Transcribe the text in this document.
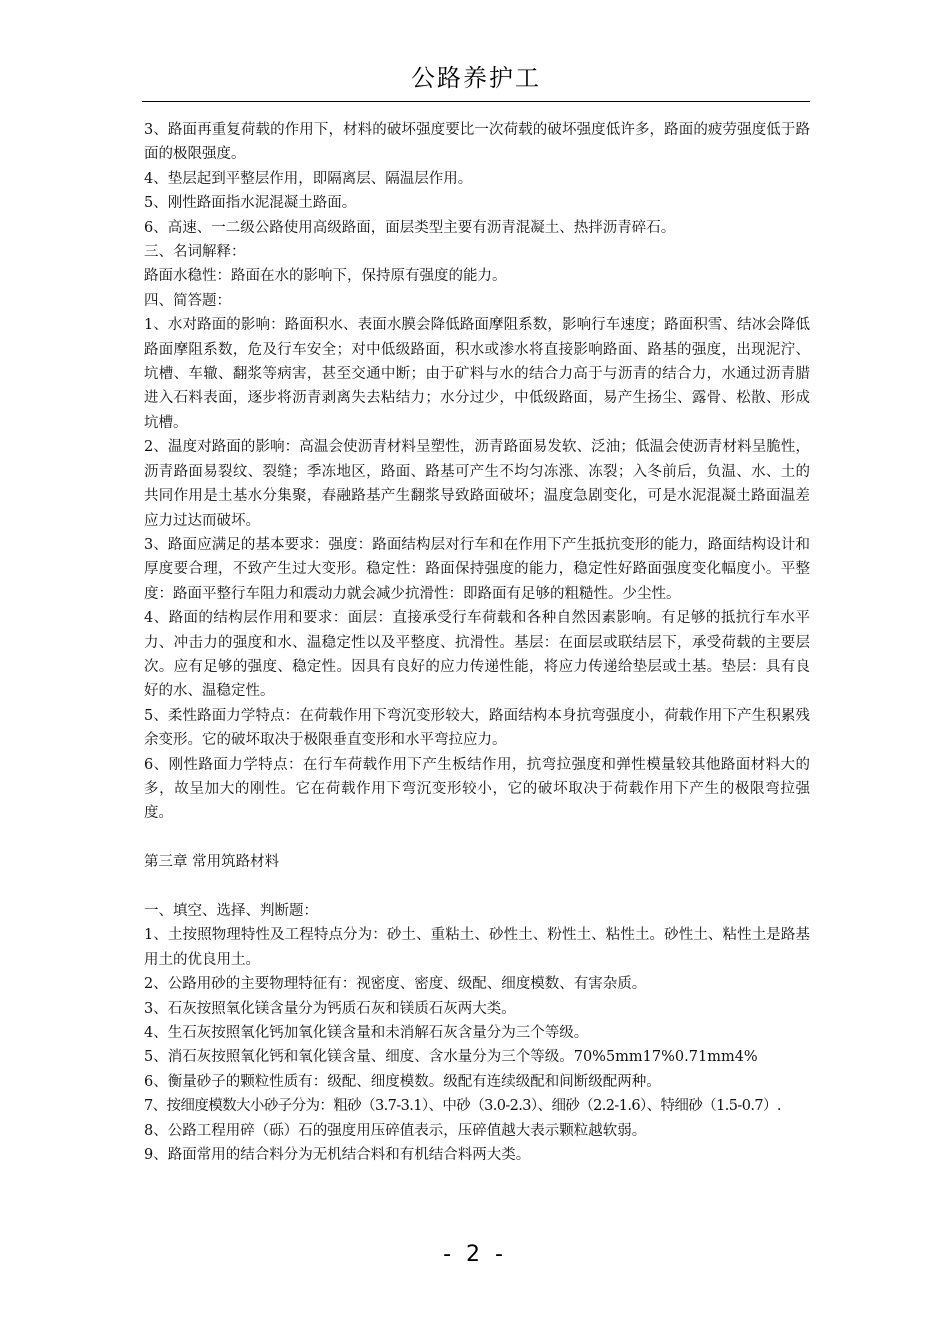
公路养护工

3、路面再重复荷载的作用下，材料的破坏强度要比一次荷载的破坏强度低许多，路面的疲劳强度低于路面的极限强度。

4、垫层起到平整层作用，即隔离层、隔温层作用。

5、刚性路面指水泥混凝土路面。

6、高速、一二级公路使用高级路面，面层类型主要有沥青混凝土、热拌沥青碎石。

三、名词解释：

路面水稳性：路面在水的影响下，保持原有强度的能力。

四、简答题：

1、水对路面的影响：路面积水、表面水膜会降低路面摩阻系数，影响行车速度；路面积雪、结冰会降低路面摩阻系数，危及行车安全；对中低级路面，积水或渗水将直接影响路面、路基的强度，出现泥泞、坑槽、车辙、翻浆等病害，甚至交通中断；由于矿料与水的结合力高于与沥青的结合力，水通过沥青腊进入石料表面，逐步将沥青剥离失去粘结力；水分过少，中低级路面，易产生扬尘、露骨、松散、形成坑槽。

2、温度对路面的影响：高温会使沥青材料呈塑性，沥青路面易发软、泛油；低温会使沥青材料呈脆性，沥青路面易裂纹、裂缝；季冻地区，路面、路基可产生不均匀冻涨、冻裂；入冬前后，负温、水、土的共同作用是土基水分集聚，春融路基产生翻浆导致路面破坏；温度急剧变化，可是水泥混凝土路面温差应力过达而破坏。

3、路面应满足的基本要求：强度：路面结构层对行车和在作用下产生抵抗变形的能力，路面结构设计和厚度要合理，不致产生过大变形。稳定性：路面保持强度的能力，稳定性好路面强度变化幅度小。平整度：路面平整行车阻力和震动力就会减少抗滑性：即路面有足够的粗糙性。少尘性。

4、路面的结构层作用和要求：面层：直接承受行车荷载和各种自然因素影响。有足够的抵抗行车水平力、冲击力的强度和水、温稳定性以及平整度、抗滑性。基层：在面层或联结层下，承受荷载的主要层次。应有足够的强度、稳定性。因具有良好的应力传递性能，将应力传递给垫层或土基。垫层：具有良好的水、温稳定性。

5、柔性路面力学特点：在荷载作用下弯沉变形较大，路面结构本身抗弯强度小，荷载作用下产生积累残余变形。它的破坏取决于极限垂直变形和水平弯拉应力。

6、刚性路面力学特点：在行车荷载作用下产生板结作用，抗弯拉强度和弹性模量较其他路面材料大的多，故呈加大的刚性。它在荷载作用下弯沉变形较小，它的破坏取决于荷载作用下产生的极限弯拉强度。

第三章 常用筑路材料

一、填空、选择、判断题：

1、土按照物理特性及工程特点分为：砂土、重粘土、砂性土、粉性土、粘性土。砂性土、粘性土是路基用土的优良用土。

2、公路用砂的主要物理特征有：视密度、密度、级配、细度模数、有害杂质。

3、石灰按照氧化镁含量分为钙质石灰和镁质石灰两大类。

4、生石灰按照氧化钙加氧化镁含量和未消解石灰含量分为三个等级。

5、消石灰按照氧化钙和氧化镁含量、细度、含水量分为三个等级。70%5mm17%0.71mm4%

6、衡量砂子的颗粒性质有：级配、细度模数。级配有连续级配和间断级配两种。

7、按细度模数大小砂子分为：粗砂（3.7-3.1）、中砂（3.0-2.3）、细砂（2.2-1.6）、特细砂（1.5-0.7）.

8、公路工程用碎（砾）石的强度用压碎值表示，压碎值越大表示颗粒越软弱。

9、路面常用的结合料分为无机结合料和有机结合料两大类。

- 2 -
